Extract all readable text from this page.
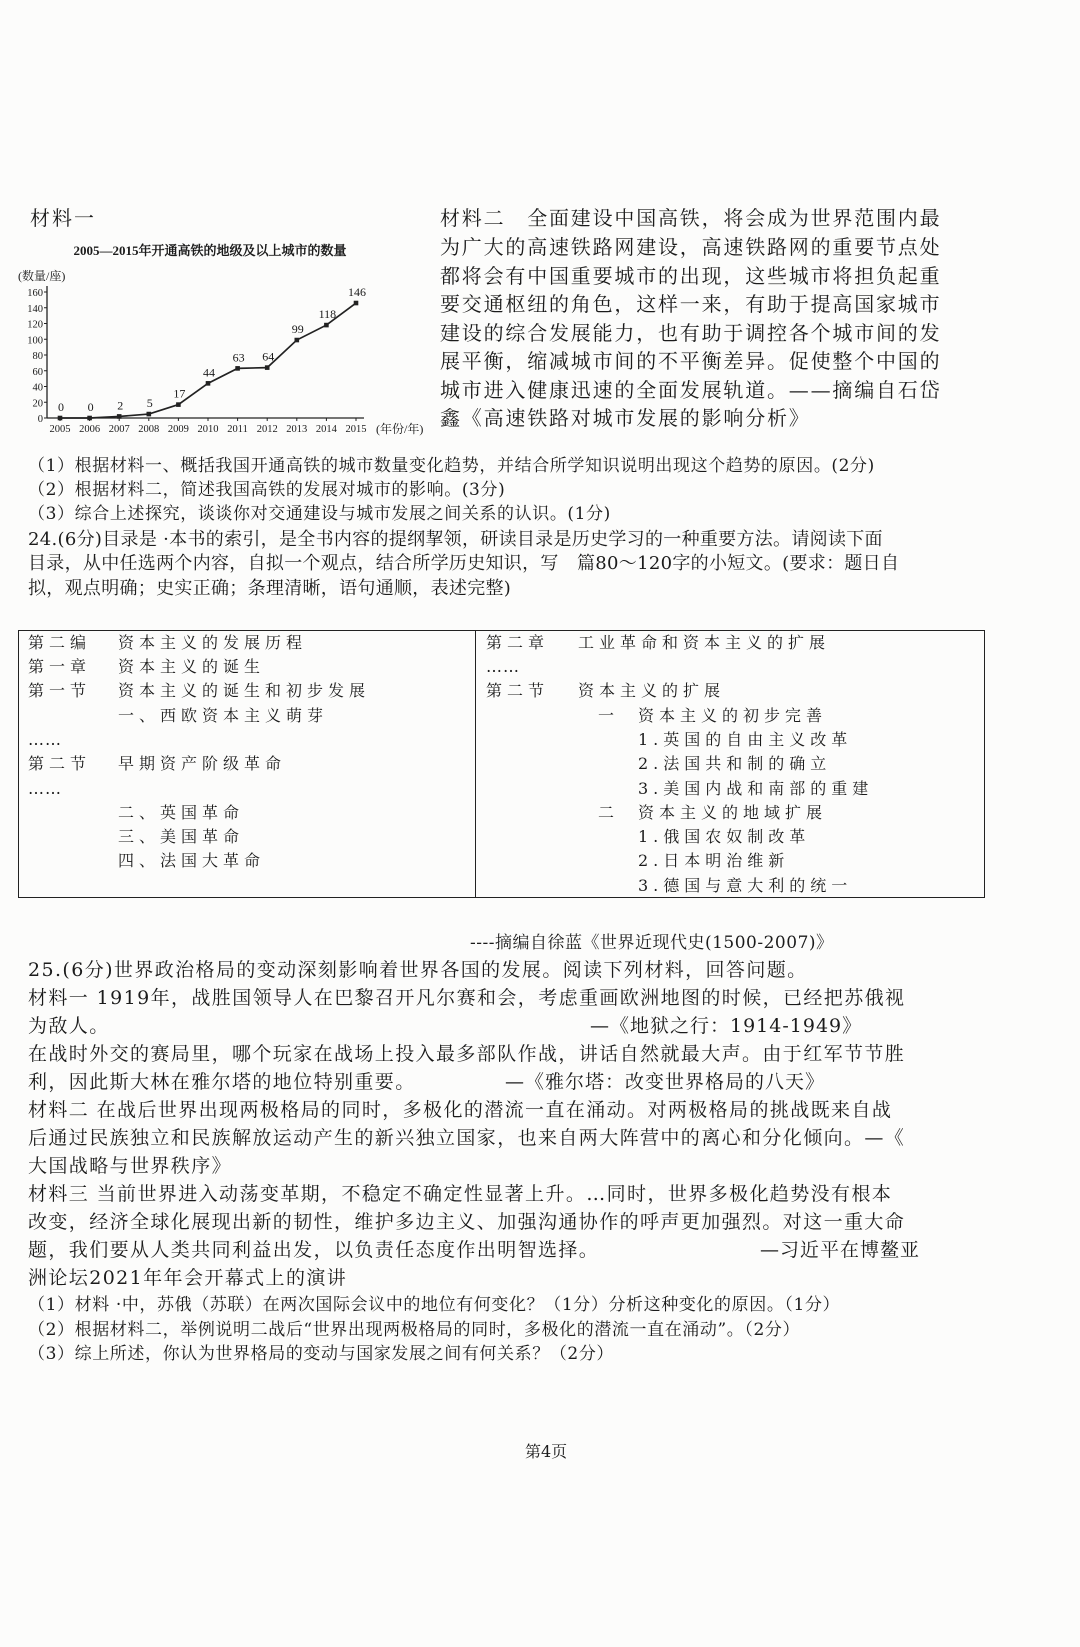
材料一
2005—2015年开通高铁的地级及以上城市的数量
(数量/座)
(年份/年)
0
20
40
60
80
100
120
140
160
2005 2006 2007 2008 2009 2010 2011 2012 2013 2014 2015
0 0 2 5
17
44
63 64
99
118
146
材料二　全面建设中国高铁，将会成为世界范围内最
为广大的高速铁路网建设，高速铁路网的重要节点处
都将会有中国重要城市的出现，这些城市将担负起重
要交通枢纽的角色，这样一来，有助于提高国家城市
建设的综合发展能力，也有助于调控各个城市间的发
展平衡，缩减城市间的不平衡差异。促使整个中国的
城市进入健康迅速的全面发展轨道。——摘编自石岱
鑫《高速铁路对城市发展的影响分析》
（1）根据材料一、概括我国开通高铁的城市数量变化趋势，并结合所学知识说明出现这个趋势的原因。(2分)
（2）根据材料二，简述我国高铁的发展对城市的影响。(3分)
（3）综合上述探究，谈谈你对交通建设与城市发展之间关系的认识。(1分)
24.(6分)目录是 ·本书的索引，是全书内容的提纲挈领，研读目录是历史学习的一种重要方法。请阅读下面
目录，从中任选两个内容，自拟一个观点，结合所学历史知识，写　篇80～120字的小短文。(要求：题日自
拟，观点明确；史实正确；条理清晰，语句通顺，表述完整)
第二编 资本主义的发展历程
第一章 资本主义的诞生
第一节 资本主义的诞生和初步发展
一、西欧资本主义萌芽
……
第二节 早期资产阶级革命
……
二、英国革命
三、美国革命
四、法国大革命
第二章 工业革命和资本主义的扩展
……
第二节 资本主义的扩展
一 资本主义的初步完善
1.英国的自由主义改革
2.法国共和制的确立
3.美国内战和南部的重建
二 资本主义的地域扩展
1.俄国农奴制改革
2.日本明治维新
3.德国与意大利的统一
----摘编自徐蓝《世界近现代史(1500-2007)》
25.(6分)世界政治格局的变动深刻影响着世界各国的发展。阅读下列材料，回答问题。
材料一 1919年，战胜国领导人在巴黎召开凡尔赛和会，考虑重画欧洲地图的时候，已经把苏俄视
为敌人。	—《地狱之行：1914-1949》
在战时外交的赛局里，哪个玩家在战场上投入最多部队作战，讲话自然就最大声。由于红军节节胜
利，因此斯大林在雅尔塔的地位特别重要。	—《雅尔塔：改变世界格局的八天》
材料二 在战后世界出现两极格局的同时，多极化的潜流一直在涌动。对两极格局的挑战既来自战
后通过民族独立和民族解放运动产生的新兴独立国家，也来自两大阵营中的离心和分化倾向。—《
大国战略与世界秩序》
材料三 当前世界进入动荡变革期，不稳定不确定性显著上升。…同时，世界多极化趋势没有根本
改变，经济全球化展现出新的韧性，维护多边主义、加强沟通协作的呼声更加强烈。对这一重大命
题，我们要从人类共同利益出发，以负责任态度作出明智选择。	—习近平在博鳌亚
洲论坛2021年年会开幕式上的演讲
（1）材料 ·中，苏俄（苏联）在两次国际会议中的地位有何变化？（1分）分析这种变化的原因。（1分）
（2）根据材料二，举例说明二战后“世界出现两极格局的同时，多极化的潜流一直在涌动”。（2分）
（3）综上所述，你认为世界格局的变动与国家发展之间有何关系？（2分）
第4页
